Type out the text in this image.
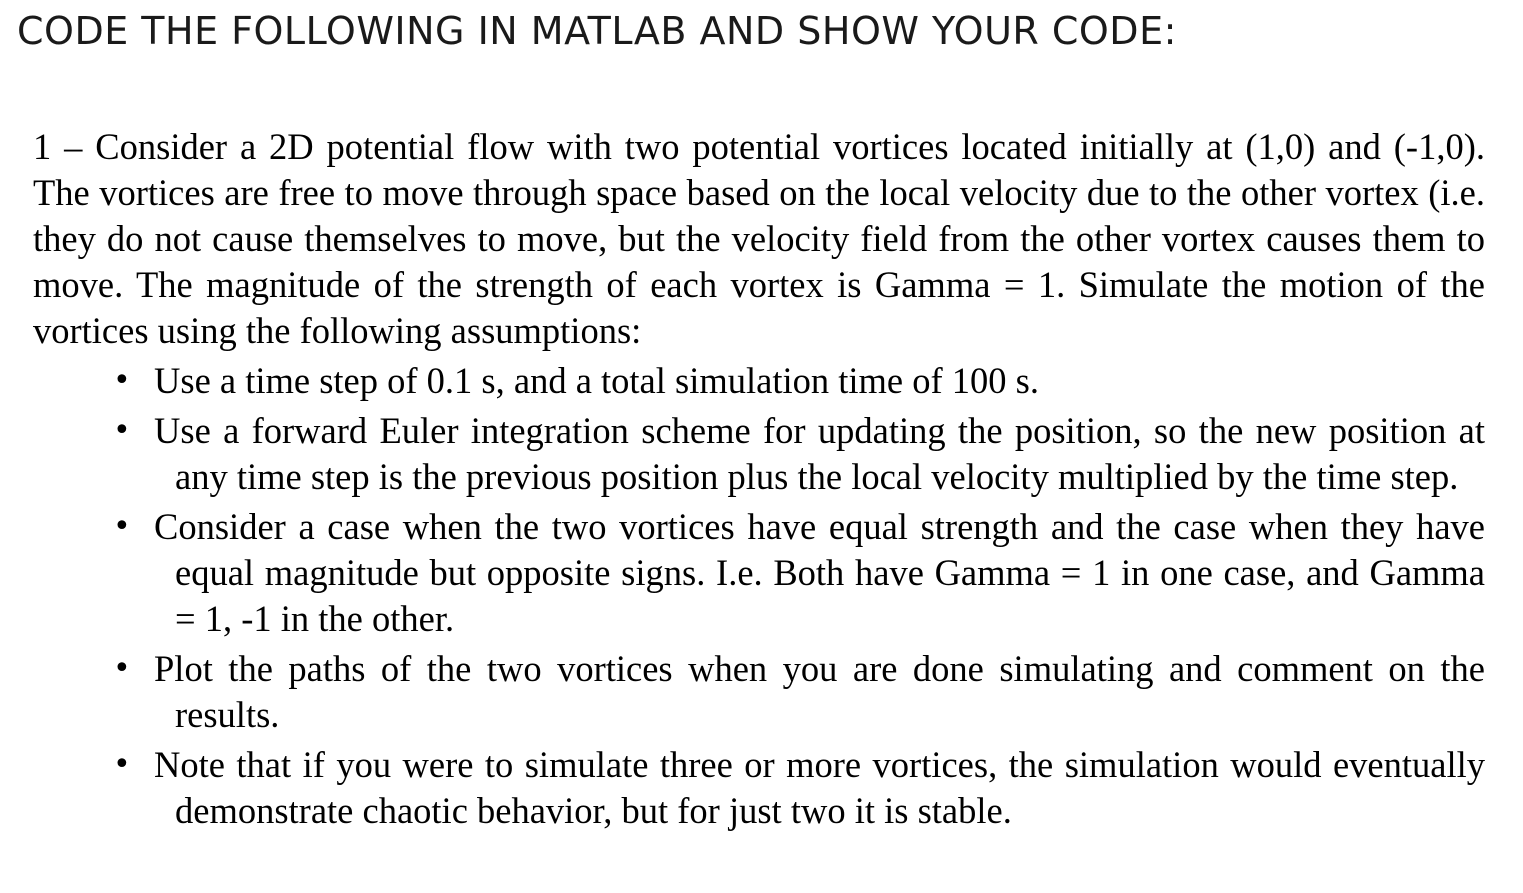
CODE THE FOLLOWING IN MATLAB AND SHOW YOUR CODE:

1 – Consider a 2D potential flow with two potential vortices located initially at (1,0) and (-1,0). The vortices are free to move through space based on the local velocity due to the other vortex (i.e. they do not cause themselves to move, but the velocity field from the other vortex causes them to move. The magnitude of the strength of each vortex is Gamma = 1. Simulate the motion of the vortices using the following assumptions:

• Use a time step of 0.1 s, and a total simulation time of 100 s.
• Use a forward Euler integration scheme for updating the position, so the new position at any time step is the previous position plus the local velocity multiplied by the time step.
• Consider a case when the two vortices have equal strength and the case when they have equal magnitude but opposite signs. I.e. Both have Gamma = 1 in one case, and Gamma = 1, -1 in the other.
• Plot the paths of the two vortices when you are done simulating and comment on the results.
• Note that if you were to simulate three or more vortices, the simulation would eventually demonstrate chaotic behavior, but for just two it is stable.
